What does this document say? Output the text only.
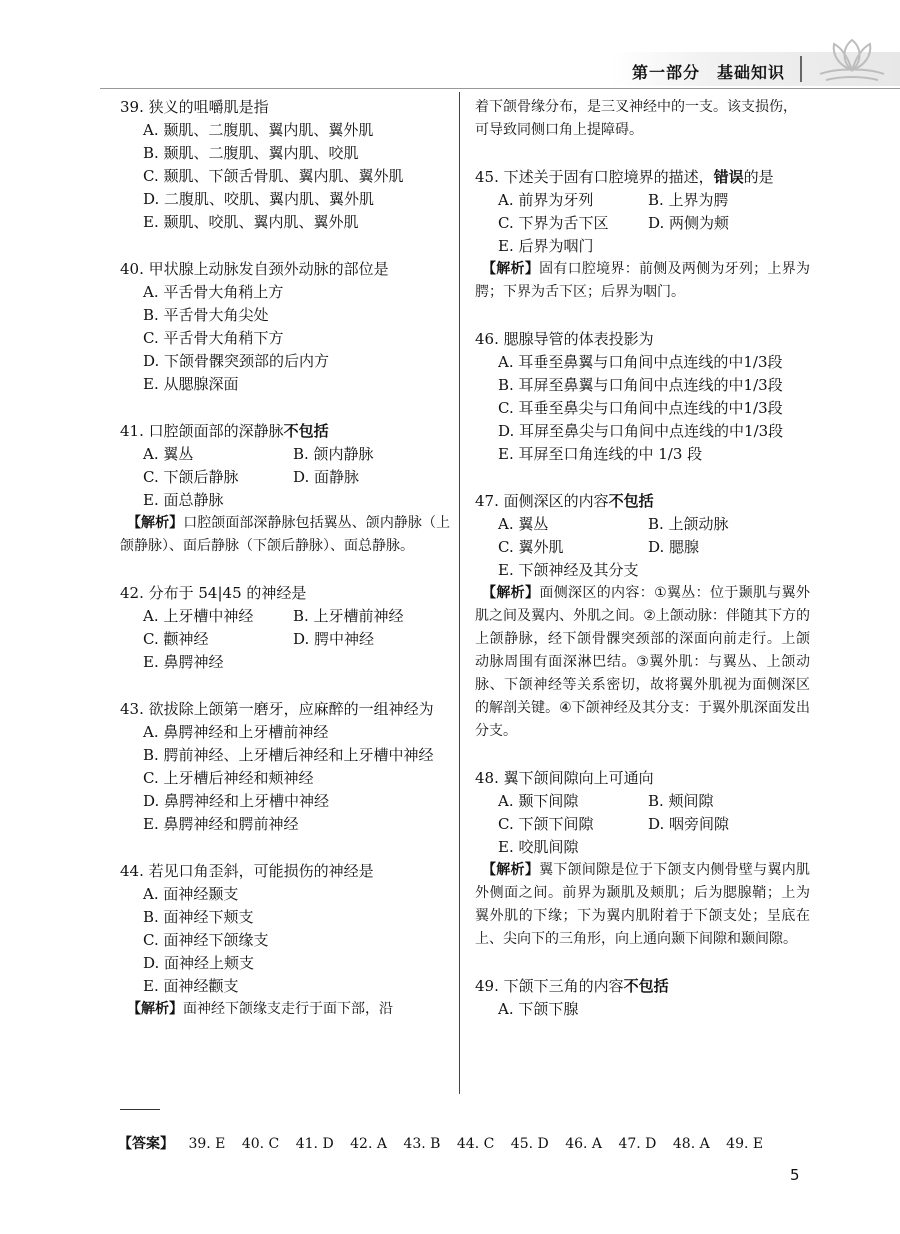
第一部分　基础知识
39. 狭义的咀嚼肌是指
A. 颞肌、二腹肌、翼内肌、翼外肌
B. 颞肌、二腹肌、翼内肌、咬肌
C. 颞肌、下颌舌骨肌、翼内肌、翼外肌
D. 二腹肌、咬肌、翼内肌、翼外肌
E. 颞肌、咬肌、翼内肌、翼外肌
40. 甲状腺上动脉发自颈外动脉的部位是
A. 平舌骨大角稍上方
B. 平舌骨大角尖处
C. 平舌骨大角稍下方
D. 下颌骨髁突颈部的后内方
E. 从腮腺深面
41. 口腔颌面部的深静脉不包括
A. 翼丛	B. 颌内静脉
C. 下颌后静脉	D. 面静脉
E. 面总静脉
【解析】口腔颌面部深静脉包括翼丛、颌内静脉（上颌静脉）、面后静脉（下颌后静脉）、面总静脉。
42. 分布于 54|45 的神经是
A. 上牙槽中神经	B. 上牙槽前神经
C. 颧神经	D. 腭中神经
E. 鼻腭神经
43. 欲拔除上颌第一磨牙，应麻醉的一组神经为
A. 鼻腭神经和上牙槽前神经
B. 腭前神经、上牙槽后神经和上牙槽中神经
C. 上牙槽后神经和颊神经
D. 鼻腭神经和上牙槽中神经
E. 鼻腭神经和腭前神经
44. 若见口角歪斜，可能损伤的神经是
A. 面神经颞支
B. 面神经下颊支
C. 面神经下颌缘支
D. 面神经上颊支
E. 面神经颧支
【解析】面神经下颌缘支走行于面下部，沿
着下颌骨缘分布，是三叉神经中的一支。该支损伤，可导致同侧口角上提障碍。
45. 下述关于固有口腔境界的描述，错误的是
A. 前界为牙列	B. 上界为腭
C. 下界为舌下区	D. 两侧为颊
E. 后界为咽门
【解析】固有口腔境界：前侧及两侧为牙列；上界为腭；下界为舌下区；后界为咽门。
46. 腮腺导管的体表投影为
A. 耳垂至鼻翼与口角间中点连线的中1/3段
B. 耳屏至鼻翼与口角间中点连线的中1/3段
C. 耳垂至鼻尖与口角间中点连线的中1/3段
D. 耳屏至鼻尖与口角间中点连线的中1/3段
E. 耳屏至口角连线的中 1/3 段
47. 面侧深区的内容不包括
A. 翼丛	B. 上颌动脉
C. 翼外肌	D. 腮腺
E. 下颌神经及其分支
【解析】面侧深区的内容：①翼丛：位于颞肌与翼外肌之间及翼内、外肌之间。②上颌动脉：伴随其下方的上颌静脉，经下颌骨髁突颈部的深面向前走行。上颌动脉周围有面深淋巴结。③翼外肌：与翼丛、上颌动脉、下颌神经等关系密切，故将翼外肌视为面侧深区的解剖关键。④下颌神经及其分支：于翼外肌深面发出分支。
48. 翼下颌间隙向上可通向
A. 颞下间隙	B. 颊间隙
C. 下颌下间隙	D. 咽旁间隙
E. 咬肌间隙
【解析】翼下颌间隙是位于下颌支内侧骨壁与翼内肌外侧面之间。前界为颞肌及颊肌；后为腮腺鞘；上为翼外肌的下缘；下为翼内肌附着于下颌支处；呈底在上、尖向下的三角形，向上通向颞下间隙和颞间隙。
49. 下颌下三角的内容不包括
A. 下颌下腺
【答案】 39. E 40. C 41. D 42. A 43. B 44. C 45. D 46. A 47. D 48. A 49. E
5
